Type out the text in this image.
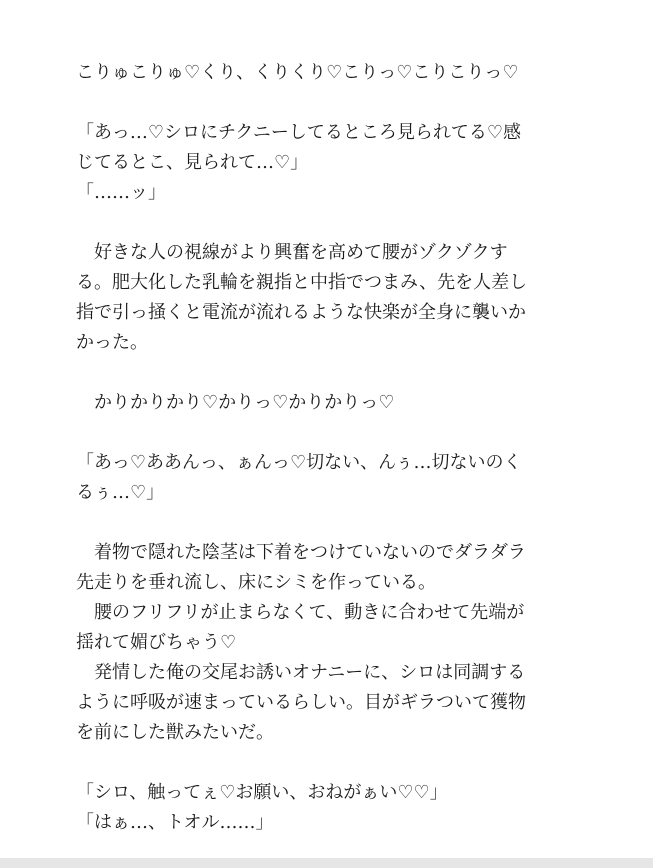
こりゅこりゅ♡くり、くりくり♡こりっ♡こりこりっ♡
「あっ…♡シロにチクニーしてるところ見られてる♡感
じてるとこ、見られて…♡」
「……ッ」
　好きな人の視線がより興奮を高めて腰がゾクゾクす
る。肥大化した乳輪を親指と中指でつまみ、先を人差し
指で引っ掻くと電流が流れるような快楽が全身に襲いか
かった。
　かりかりかり♡かりっ♡かりかりっ♡
「あっ♡ああんっ、ぁんっ♡切ない、んぅ…切ないのく
るぅ…♡」
　着物で隠れた陰茎は下着をつけていないのでダラダラ
先走りを垂れ流し、床にシミを作っている。
　腰のフリフリが止まらなくて、動きに合わせて先端が
揺れて媚びちゃう♡
　発情した俺の交尾お誘いオナニーに、シロは同調する
ように呼吸が速まっているらしい。目がギラついて獲物
を前にした獣みたいだ。
「シロ、触ってぇ♡お願い、おねがぁい♡♡」
「はぁ…、トオル……」
